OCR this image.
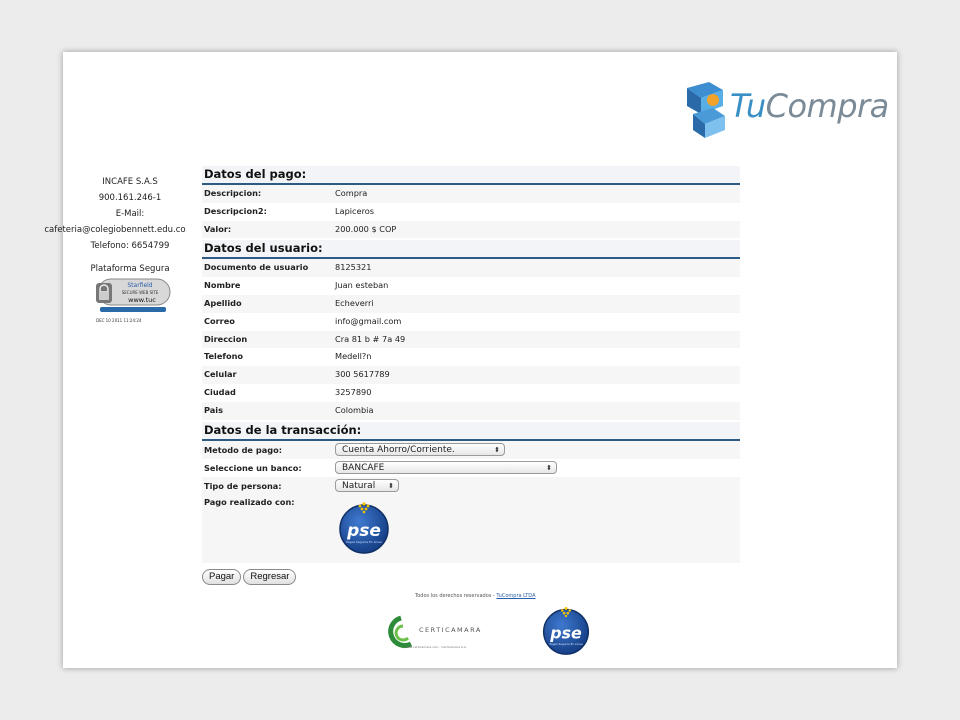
TuCompra
INCAFE S.A.S
900.161.246-1
E-Mail:
cafeteria@colegiobennett.edu.co
Telefono: 6654799
Plataforma Segura
Starfield
SECURE WEB SITE
www.tuc
DEC 10 2011 11:24:24
Datos del pago:
Descripcion:	Compra
Descripcion2:	Lapiceros
Valor:	200.000 $ COP
Datos del usuario:
Documento de usuario	8125321
Nombre	Juan esteban
Apellido	Echeverri
Correo	info@gmail.com
Direccion	Cra 81 b # 7a 49
Telefono	Medell?n
Celular	300 5617789
Ciudad	3257890
Pais	Colombia
Datos de la transacción:
Metodo de pago:	Cuenta Ahorro/Corriente.	⬍
Seleccione un banco:	BANCAFE	⬍
Tipo de persona:	Natural ⬍
Pago realizado con:
pse
Pagos Seguros En Línea
Pagar	Regresar
Todos los derechos reservados - TuCompra LTDA
CERTICAMARA
www.certicamara.com - Certicamara S.A.
pse
Pagos Seguros En Línea
